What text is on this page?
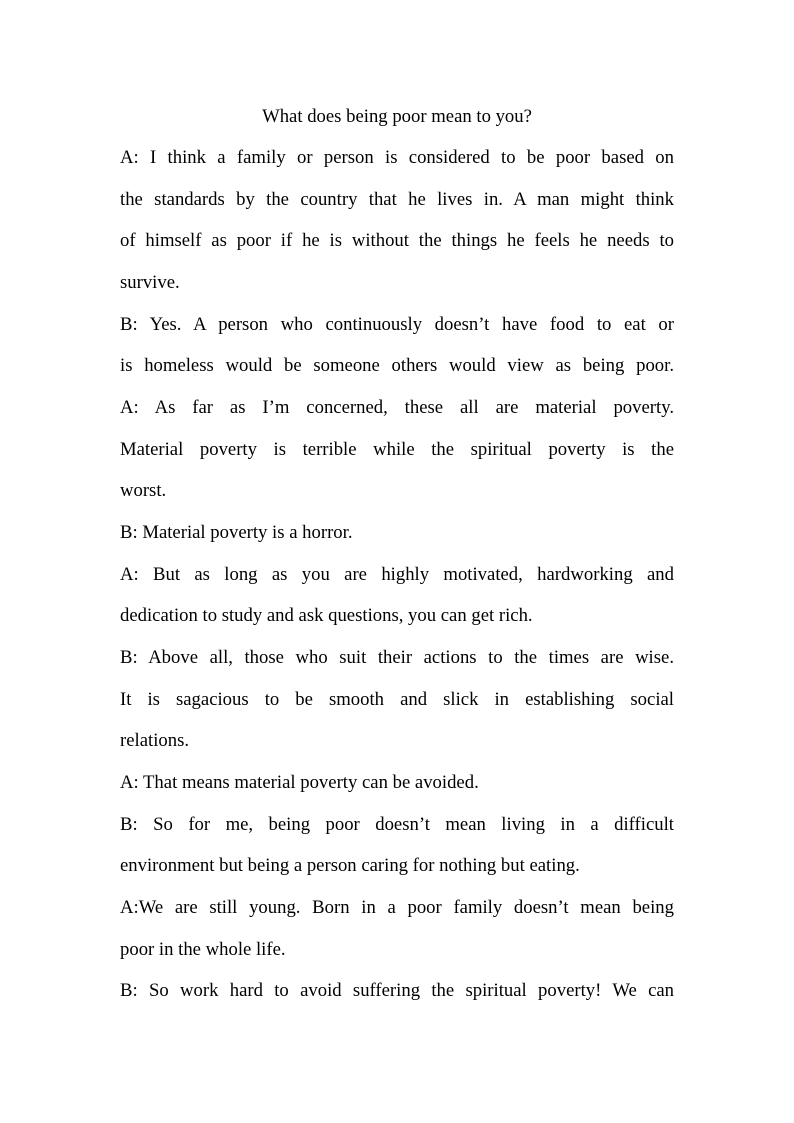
What does being poor mean to you?
A: I think a family or person is considered to be poor based on
the standards by the country that he lives in. A man might think
of himself as poor if he is without the things he feels he needs to
survive.
B: Yes. A person who continuously doesn’t have food to eat or
is homeless would be someone others would view as being poor.
A: As far as I’m concerned, these all are material poverty.
Material poverty is terrible while the spiritual poverty is the
worst.
B: Material poverty is a horror.
A: But as long as you are highly motivated, hardworking and
dedication to study and ask questions, you can get rich.
B: Above all, those who suit their actions to the times are wise.
It is sagacious to be smooth and slick in establishing social
relations.
A: That means material poverty can be avoided.
B: So for me, being poor doesn’t mean living in a difficult
environment but being a person caring for nothing but eating.
A:We are still young. Born in a poor family doesn’t mean being
poor in the whole life.
B: So work hard to avoid suffering the spiritual poverty! We can
